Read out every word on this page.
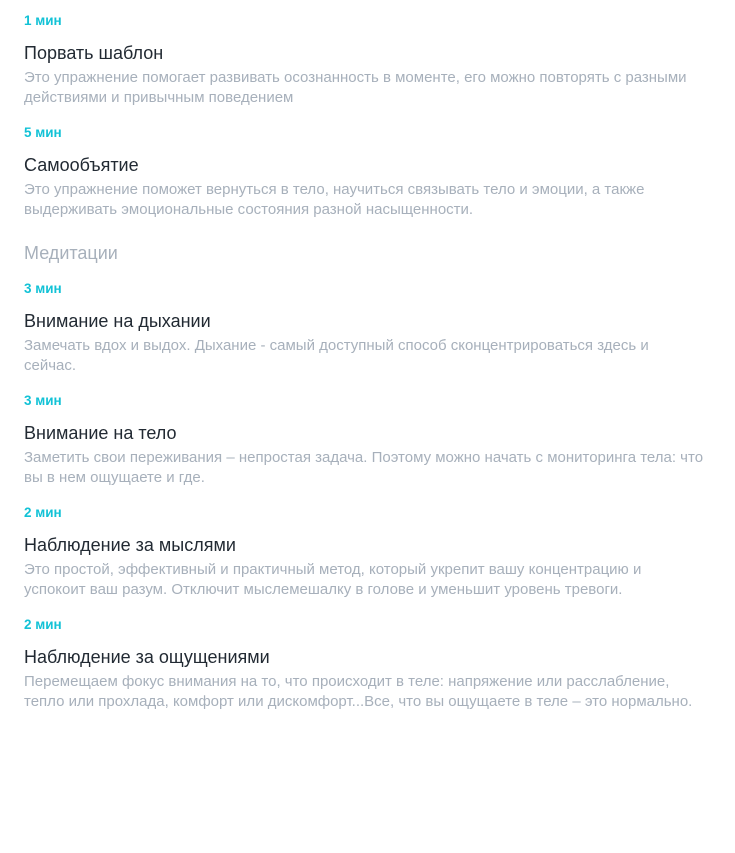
1 мин
Порвать шаблон
Это упражнение помогает развивать осознанность в моменте, его можно повторять с разными действиями и привычным поведением
5 мин
Самообъятие
Это упражнение поможет вернуться в тело, научиться связывать тело и эмоции, а также выдерживать эмоциональные состояния разной насыщенности.
Медитации
3 мин
Внимание на дыхании
Замечать вдох и выдох. Дыхание - самый доступный способ сконцентрироваться здесь и сейчас.
3 мин
Внимание на тело
Заметить свои переживания – непростая задача. Поэтому можно начать с мониторинга тела: что вы в нем ощущаете и где.
2 мин
Наблюдение за мыслями
Это простой, эффективный и практичный метод, который укрепит вашу концентрацию и успокоит ваш разум. Отключит мыслемешалку в голове и уменьшит уровень тревоги.
2 мин
Наблюдение за ощущениями
Перемещаем фокус внимания на то, что происходит в теле: напряжение или расслабление, тепло или прохлада, комфорт или дискомфорт...Все, что вы ощущаете в теле – это нормально.
